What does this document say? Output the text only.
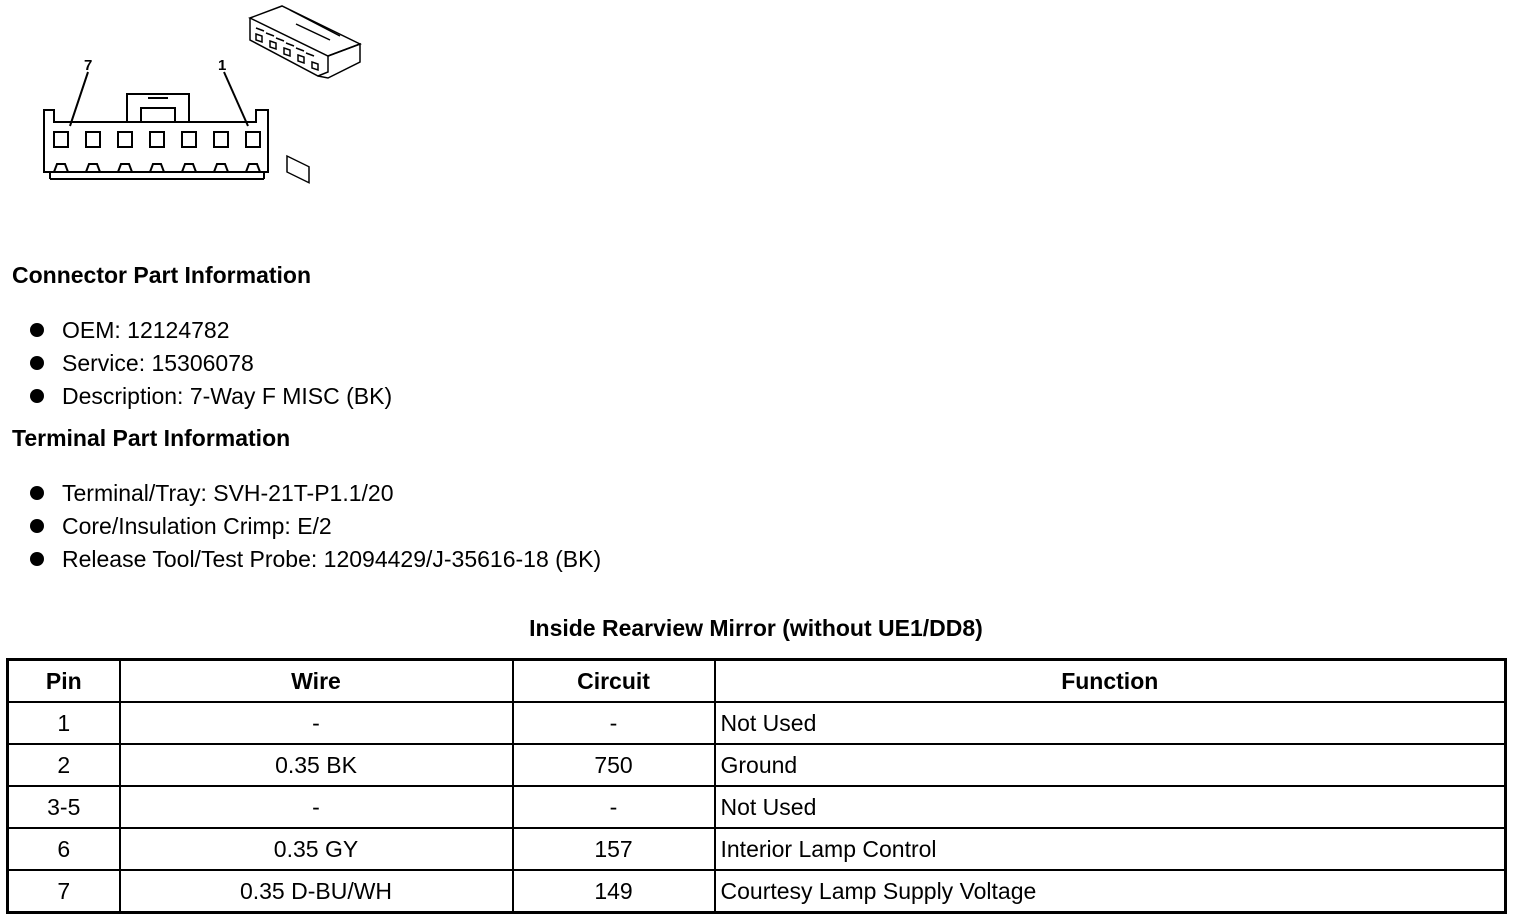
7	1
Connector Part Information
OEM: 12124782
Service: 15306078
Description: 7-Way F MISC (BK)
Terminal Part Information
Terminal/Tray: SVH-21T-P1.1/20
Core/Insulation Crimp: E/2
Release Tool/Test Probe: 12094429/J-35616-18 (BK)
Inside Rearview Mirror (without UE1/DD8)
Pin	Wire	Circuit	Function
1	-	-	Not Used
2	0.35 BK	750	Ground
3-5	-	-	Not Used
6	0.35 GY	157	Interior Lamp Control
7	0.35 D-BU/WH	149	Courtesy Lamp Supply Voltage
